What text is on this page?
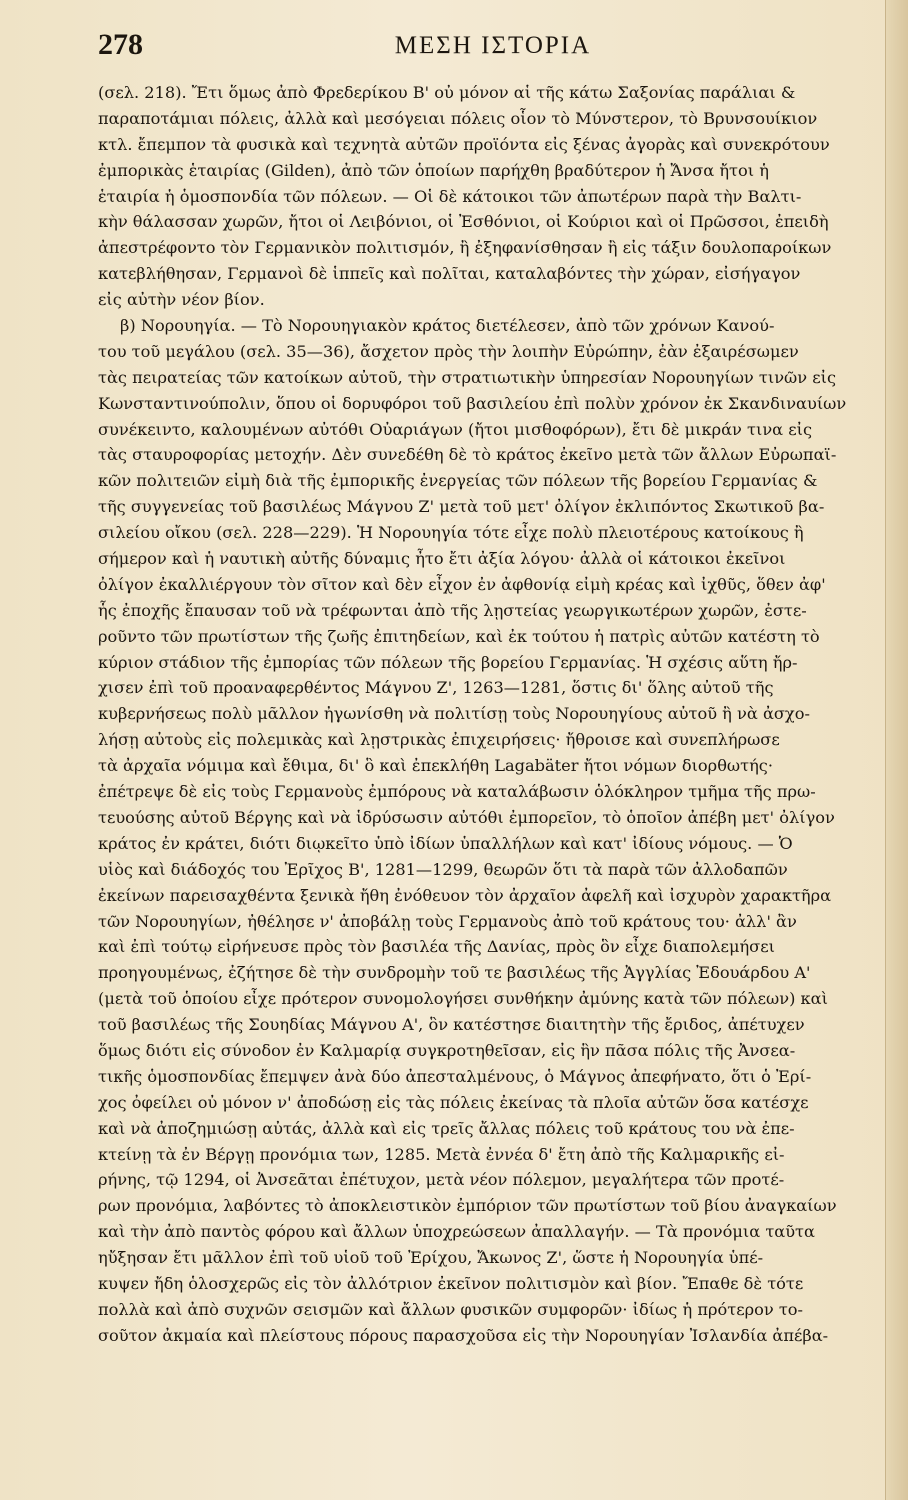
278	ΜΕΣΗ ΙΣΤΟΡΙΑ
(σελ. 218). Ἔτι ὅμως ἀπὸ Φρεδερίκου Β' οὐ μόνον αἱ τῆς κάτω Σαξονίας παράλιαι &
παραποτάμιαι πόλεις, ἀλλὰ καὶ μεσόγειαι πόλεις οἷον τὸ Μύνστερον, τὸ Βρυνσουίκιον
κτλ. ἔπεμπον τὰ φυσικὰ καὶ τεχνητὰ αὐτῶν προϊόντα εἰς ξένας ἀγορὰς καὶ συνεκρότουν
ἐμπορικὰς ἑταιρίας (Gilden), ἀπὸ τῶν ὁποίων παρήχθη βραδύτερον ἡ Ἄνσα ἤτοι ἡ
ἑταιρία ἡ ὁμοσπονδία τῶν πόλεων. — Οἱ δὲ κάτοικοι τῶν ἀπωτέρων παρὰ τὴν Βαλτι-
κὴν θάλασσαν χωρῶν, ἤτοι οἱ Λειβόνιοι, οἱ Ἐσθόνιοι, οἱ Κούριοι καὶ οἱ Πρῶσσοι, ἐπειδὴ
ἀπεστρέφοντο τὸν Γερμανικὸν πολιτισμόν, ἢ ἐξηφανίσθησαν ἢ εἰς τάξιν δουλοπαροίκων
κατεβλήθησαν, Γερμανοὶ δὲ ἱππεῖς καὶ πολῖται, καταλαβόντες τὴν χώραν, εἰσήγαγον
εἰς αὐτὴν νέον βίον.
β) Νορουηγία. — Τὸ Νορουηγιακὸν κράτος διετέλεσεν, ἀπὸ τῶν χρόνων Κανού-
του τοῦ μεγάλου (σελ. 35—36), ἄσχετον πρὸς τὴν λοιπὴν Εὐρώπην, ἐὰν ἐξαιρέσωμεν
τὰς πειρατείας τῶν κατοίκων αὐτοῦ, τὴν στρατιωτικὴν ὑπηρεσίαν Νορουηγίων τινῶν εἰς
Κωνσταντινούπολιν, ὅπου οἱ δορυφόροι τοῦ βασιλείου ἐπὶ πολὺν χρόνον ἐκ Σκανδιναυίων
συνέκειντο, καλουμένων αὐτόθι Οὐαριάγων (ἤτοι μισθοφόρων), ἔτι δὲ μικράν τινα εἰς
τὰς σταυροφορίας μετοχήν. Δὲν συνεδέθη δὲ τὸ κράτος ἐκεῖνο μετὰ τῶν ἄλλων Εὐρωπαϊ-
κῶν πολιτειῶν εἰμὴ διὰ τῆς ἐμπορικῆς ἐνεργείας τῶν πόλεων τῆς βορείου Γερμανίας &
τῆς συγγενείας τοῦ βασιλέως Μάγνου Ζ' μετὰ τοῦ μετ' ὀλίγον ἐκλιπόντος Σκωτικοῦ βα-
σιλείου οἴκου (σελ. 228—229). Ἡ Νορουηγία τότε εἶχε πολὺ πλειοτέρους κατοίκους ἢ
σήμερον καὶ ἡ ναυτικὴ αὐτῆς δύναμις ἦτο ἔτι ἀξία λόγου· ἀλλὰ οἱ κάτοικοι ἐκεῖνοι
ὀλίγον ἐκαλλιέργουν τὸν σῖτον καὶ δὲν εἶχον ἐν ἀφθονίᾳ εἰμὴ κρέας καὶ ἰχθῦς, ὅθεν ἀφ'
ἧς ἐποχῆς ἔπαυσαν τοῦ νὰ τρέφωνται ἀπὸ τῆς λῃστείας γεωργικωτέρων χωρῶν, ἐστε-
ροῦντο τῶν πρωτίστων τῆς ζωῆς ἐπιτηδείων, καὶ ἐκ τούτου ἡ πατρὶς αὐτῶν κατέστη τὸ
κύριον στάδιον τῆς ἐμπορίας τῶν πόλεων τῆς βορείου Γερμανίας. Ἡ σχέσις αὕτη ἤρ-
χισεν ἐπὶ τοῦ προαναφερθέντος Μάγνου Ζ', 1263—1281, ὅστις δι' ὅλης αὐτοῦ τῆς
κυβερνήσεως πολὺ μᾶλλον ἠγωνίσθη νὰ πολιτίσῃ τοὺς Νορουηγίους αὐτοῦ ἢ νὰ ἀσχο-
λήσῃ αὐτοὺς εἰς πολεμικὰς καὶ λῃστρικὰς ἐπιχειρήσεις· ἤθροισε καὶ συνεπλήρωσε
τὰ ἀρχαῖα νόμιμα καὶ ἔθιμα, δι' ὃ καὶ ἐπεκλήθη Lagabäter ἤτοι νόμων διορθωτής·
ἐπέτρεψε δὲ εἰς τοὺς Γερμανοὺς ἐμπόρους νὰ καταλάβωσιν ὁλόκληρον τμῆμα τῆς πρω-
τευούσης αὐτοῦ Βέργης καὶ νὰ ἱδρύσωσιν αὐτόθι ἐμπορεῖον, τὸ ὁποῖον ἀπέβη μετ' ὀλίγον
κράτος ἐν κράτει, διότι διῳκεῖτο ὑπὸ ἰδίων ὑπαλλήλων καὶ κατ' ἰδίους νόμους. — Ὁ
υἱὸς καὶ διάδοχός του Ἐρῖχος Β', 1281—1299, θεωρῶν ὅτι τὰ παρὰ τῶν ἀλλοδαπῶν
ἐκείνων παρεισαχθέντα ξενικὰ ἤθη ἐνόθευον τὸν ἀρχαῖον ἀφελῆ καὶ ἰσχυρὸν χαρακτῆρα
τῶν Νορουηγίων, ἠθέλησε ν' ἀποβάλῃ τοὺς Γερμανοὺς ἀπὸ τοῦ κράτους του· ἀλλ' ἂν
καὶ ἐπὶ τούτῳ εἰρήνευσε πρὸς τὸν βασιλέα τῆς Δανίας, πρὸς ὃν εἶχε διαπολεμήσει
προηγουμένως, ἐζήτησε δὲ τὴν συνδρομὴν τοῦ τε βασιλέως τῆς Ἀγγλίας Ἐδουάρδου Α'
(μετὰ τοῦ ὁποίου εἶχε πρότερον συνομολογήσει συνθήκην ἀμύνης κατὰ τῶν πόλεων) καὶ
τοῦ βασιλέως τῆς Σουηδίας Μάγνου Α', ὃν κατέστησε διαιτητὴν τῆς ἔριδος, ἀπέτυχεν
ὅμως διότι εἰς σύνοδον ἐν Καλμαρίᾳ συγκροτηθεῖσαν, εἰς ἣν πᾶσα πόλις τῆς Ἀνσεα-
τικῆς ὁμοσπονδίας ἔπεμψεν ἀνὰ δύο ἀπεσταλμένους, ὁ Μάγνος ἀπεφήνατο, ὅτι ὁ Ἐρί-
χος ὀφείλει οὐ μόνον ν' ἀποδώσῃ εἰς τὰς πόλεις ἐκείνας τὰ πλοῖα αὐτῶν ὅσα κατέσχε
καὶ νὰ ἀποζημιώσῃ αὐτάς, ἀλλὰ καὶ εἰς τρεῖς ἄλλας πόλεις τοῦ κράτους του νὰ ἐπε-
κτείνῃ τὰ ἐν Βέργῃ προνόμια των, 1285. Μετὰ ἐννέα δ' ἔτη ἀπὸ τῆς Καλμαρικῆς εἰ-
ρήνης, τῷ 1294, οἱ Ἀνσεᾶται ἐπέτυχον, μετὰ νέον πόλεμον, μεγαλήτερα τῶν προτέ-
ρων προνόμια, λαβόντες τὸ ἀποκλειστικὸν ἐμπόριον τῶν πρωτίστων τοῦ βίου ἀναγκαίων
καὶ τὴν ἀπὸ παντὸς φόρου καὶ ἄλλων ὑποχρεώσεων ἀπαλλαγήν. — Τὰ προνόμια ταῦτα
ηὔξησαν ἔτι μᾶλλον ἐπὶ τοῦ υἱοῦ τοῦ Ἐρίχου, Ἄκωνος Ζ', ὥστε ἡ Νορουηγία ὑπέ-
κυψεν ἤδη ὁλοσχερῶς εἰς τὸν ἀλλότριον ἐκεῖνον πολιτισμὸν καὶ βίον. Ἔπαθε δὲ τότε
πολλὰ καὶ ἀπὸ συχνῶν σεισμῶν καὶ ἄλλων φυσικῶν συμφορῶν· ἰδίως ἡ πρότερον το-
σοῦτον ἀκμαία καὶ πλείστους πόρους παρασχοῦσα εἰς τὴν Νορουηγίαν Ἰσλανδία ἀπέβα-
